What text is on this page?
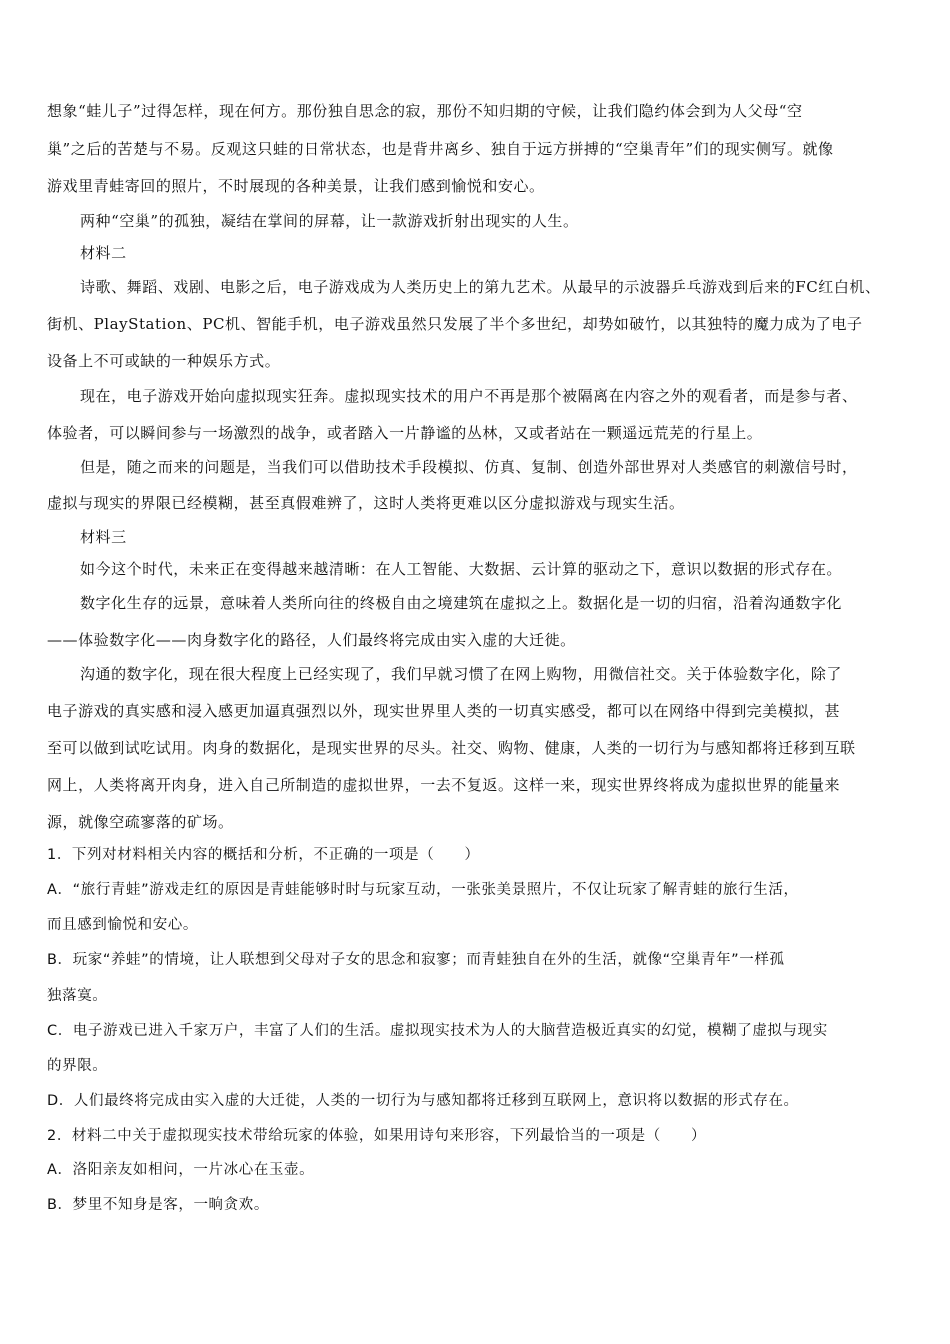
想象“蛙儿子”过得怎样，现在何方。那份独自思念的寂，那份不知归期的守候，让我们隐约体会到为人父母“空
巢”之后的苦楚与不易。反观这只蛙的日常状态，也是背井离乡、独自于远方拼搏的“空巢青年”们的现实侧写。就像
游戏里青蛙寄回的照片，不时展现的各种美景，让我们感到愉悦和安心。
两种“空巢”的孤独，凝结在掌间的屏幕，让一款游戏折射出现实的人生。
材料二
诗歌、舞蹈、戏剧、电影之后，电子游戏成为人类历史上的第九艺术。从最早的示波器乒乓游戏到后来的FC红白机、
街机、PlayStation、PC机、智能手机，电子游戏虽然只发展了半个多世纪，却势如破竹，以其独特的魔力成为了电子
设备上不可或缺的一种娱乐方式。
现在，电子游戏开始向虚拟现实狂奔。虚拟现实技术的用户不再是那个被隔离在内容之外的观看者，而是参与者、
体验者，可以瞬间参与一场激烈的战争，或者踏入一片静谧的丛林，又或者站在一颗遥远荒芜的行星上。
但是，随之而来的问题是，当我们可以借助技术手段模拟、仿真、复制、创造外部世界对人类感官的刺激信号时，
虚拟与现实的界限已经模糊，甚至真假难辨了，这时人类将更难以区分虚拟游戏与现实生活。
材料三
如今这个时代，未来正在变得越来越清晰：在人工智能、大数据、云计算的驱动之下，意识以数据的形式存在。
数字化生存的远景，意味着人类所向往的终极自由之境建筑在虚拟之上。数据化是一切的归宿，沿着沟通数字化
——体验数字化——肉身数字化的路径，人们最终将完成由实入虚的大迁徙。
沟通的数字化，现在很大程度上已经实现了，我们早就习惯了在网上购物，用微信社交。关于体验数字化，除了
电子游戏的真实感和浸入感更加逼真强烈以外，现实世界里人类的一切真实感受，都可以在网络中得到完美模拟，甚
至可以做到试吃试用。肉身的数据化，是现实世界的尽头。社交、购物、健康，人类的一切行为与感知都将迁移到互联
网上，人类将离开肉身，进入自己所制造的虚拟世界，一去不复返。这样一来，现实世界终将成为虚拟世界的能量来
源，就像空疏寥落的矿场。
1．下列对材料相关内容的概括和分析，不正确的一项是（　　）
A．“旅行青蛙”游戏走红的原因是青蛙能够时时与玩家互动，一张张美景照片，不仅让玩家了解青蛙的旅行生活，
而且感到愉悦和安心。
B．玩家“养蛙”的情境，让人联想到父母对子女的思念和寂寥；而青蛙独自在外的生活，就像“空巢青年”一样孤
独落寞。
C．电子游戏已进入千家万户，丰富了人们的生活。虚拟现实技术为人的大脑营造极近真实的幻觉，模糊了虚拟与现实
的界限。
D．人们最终将完成由实入虚的大迁徙，人类的一切行为与感知都将迁移到互联网上，意识将以数据的形式存在。
2．材料二中关于虚拟现实技术带给玩家的体验，如果用诗句来形容，下列最恰当的一项是（　　）
A．洛阳亲友如相问，一片冰心在玉壶。
B．梦里不知身是客，一晌贪欢。
